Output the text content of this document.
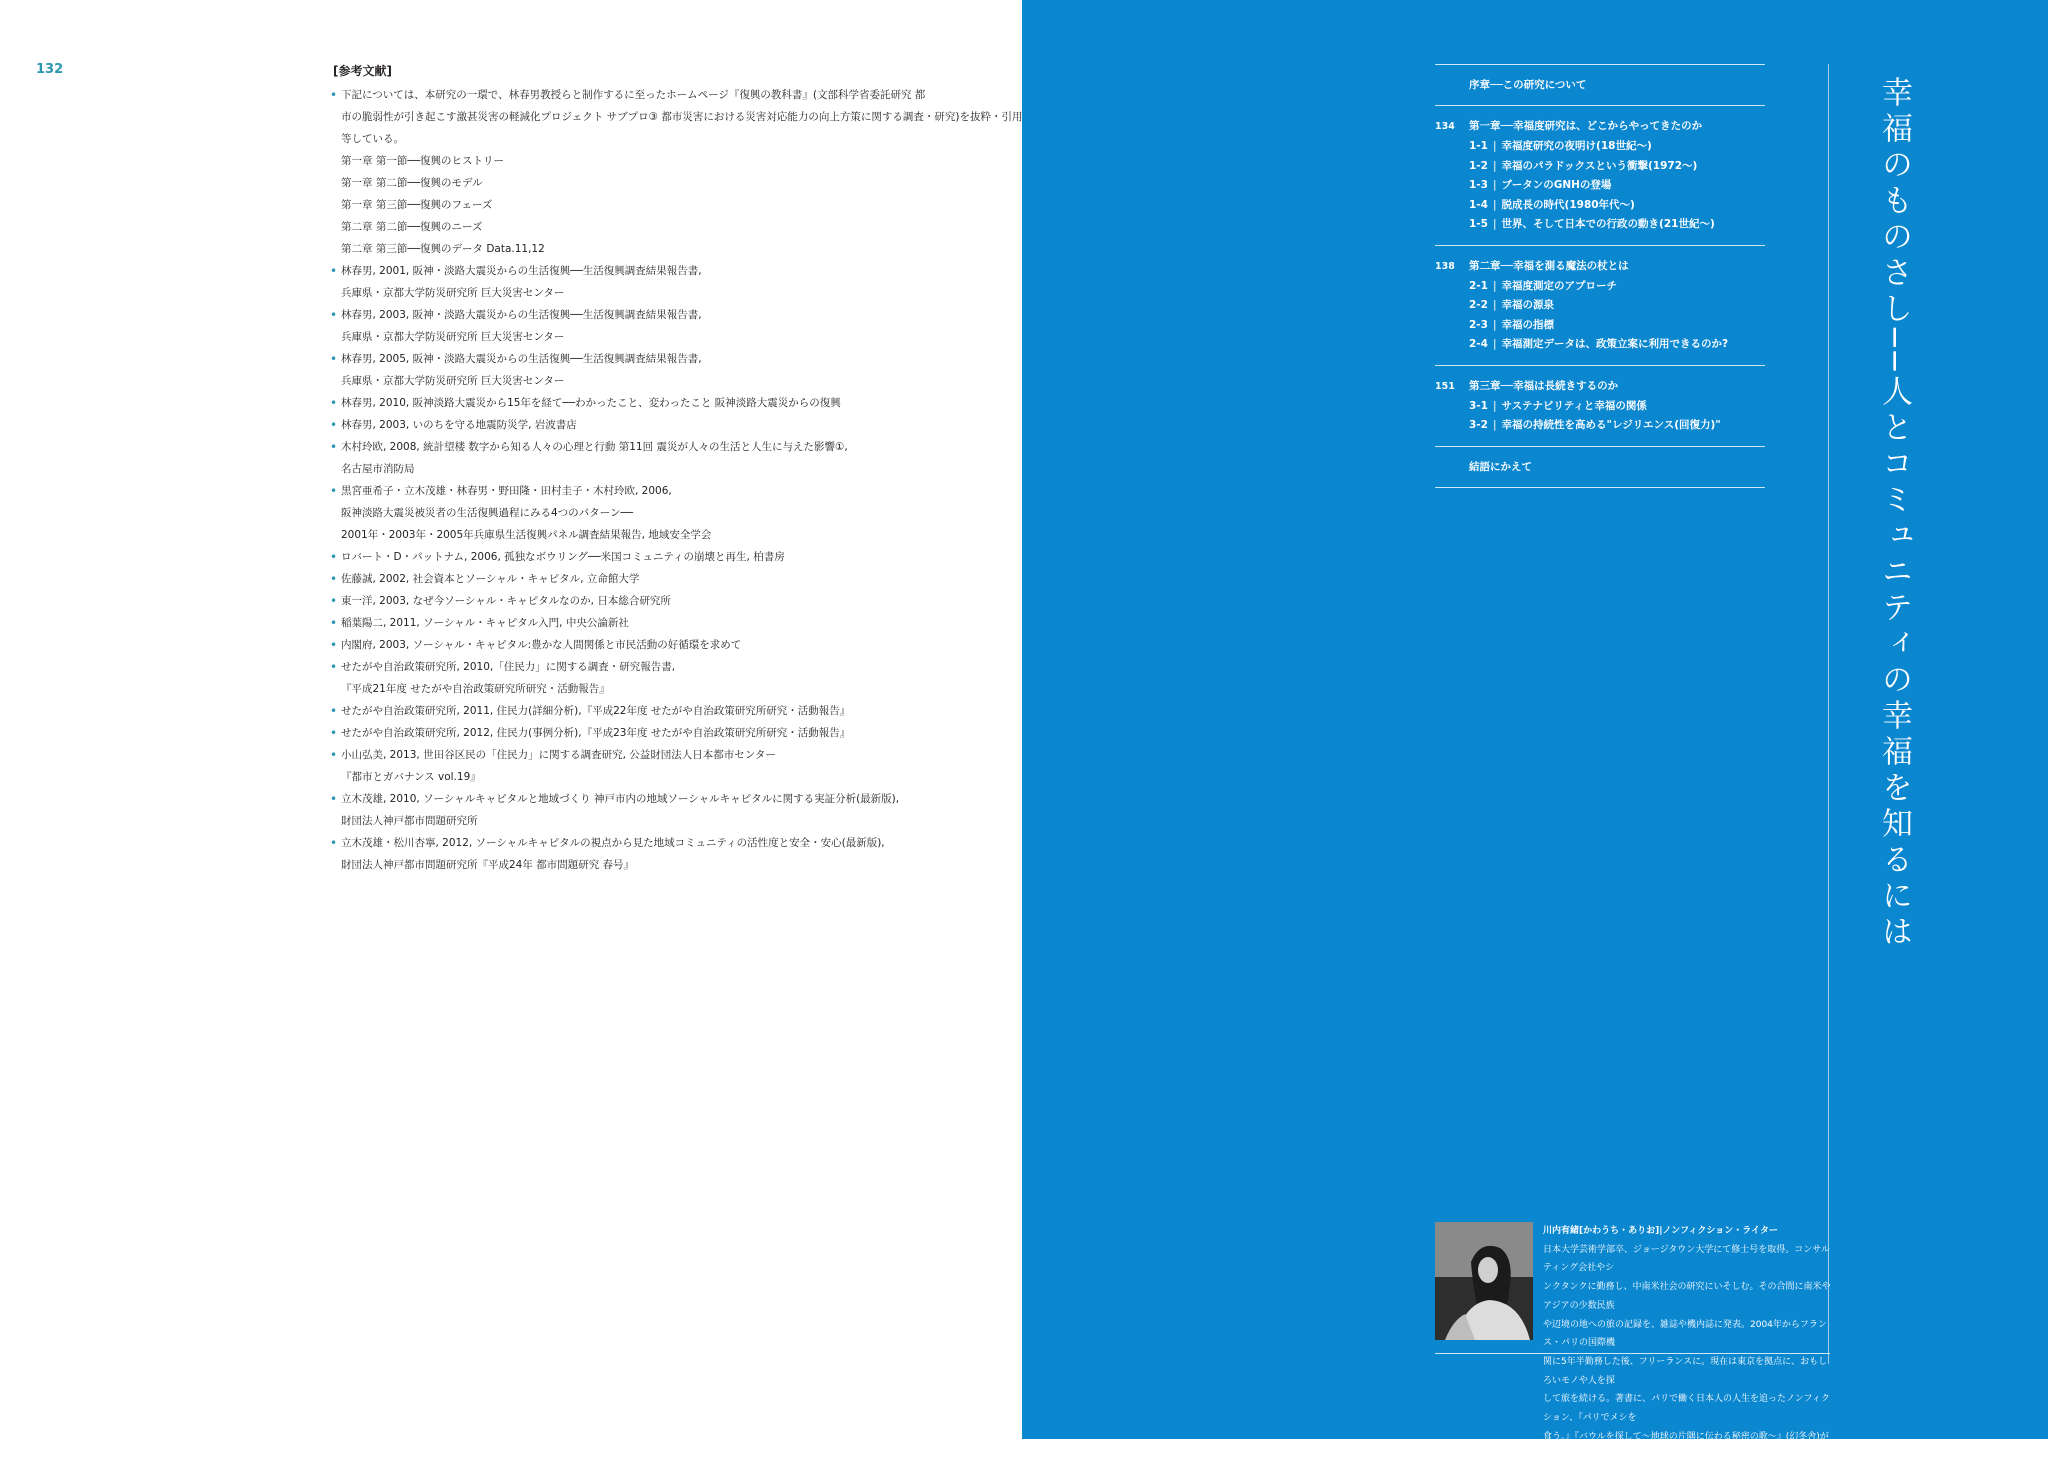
132	[参考文献]
• 下記については、本研究の一環で、林春男教授らと制作するに至ったホームページ『復興の教科書』(文部科学省委託研究 都
市の脆弱性が引き起こす激甚災害の軽減化プロジェクト サブプロ③ 都市災害における災害対応能力の向上方策に関する調査・研究)を抜粋・引用
等している。
第一章 第一節──復興のヒストリー
第一章 第二節──復興のモデル
第一章 第三節──復興のフェーズ
第二章 第二節──復興のニーズ
第二章 第三節──復興のデータ Data.11,12
• 林春男, 2001, 阪神・淡路大震災からの生活復興──生活復興調査結果報告書,
兵庫県・京都大学防災研究所 巨大災害センター
• 林春男, 2003, 阪神・淡路大震災からの生活復興──生活復興調査結果報告書,
兵庫県・京都大学防災研究所 巨大災害センター
• 林春男, 2005, 阪神・淡路大震災からの生活復興──生活復興調査結果報告書,
兵庫県・京都大学防災研究所 巨大災害センター
• 林春男, 2010, 阪神淡路大震災から15年を経て──わかったこと、変わったこと 阪神淡路大震災からの復興
• 林春男, 2003, いのちを守る地震防災学, 岩波書店
• 木村玲欧, 2008, 統計望楼 数字から知る人々の心理と行動 第11回 震災が人々の生活と人生に与えた影響①,
名古屋市消防局
• 黒宮亜希子・立木茂雄・林春男・野田隆・田村圭子・木村玲欧, 2006,
阪神淡路大震災被災者の生活復興過程にみる4つのパターン──
2001年・2003年・2005年兵庫県生活復興パネル調査結果報告, 地域安全学会
• ロバート・D・パットナム, 2006, 孤独なボウリング──米国コミュニティの崩壊と再生, 柏書房
• 佐藤誠, 2002, 社会資本とソーシャル・キャピタル, 立命館大学
• 東一洋, 2003, なぜ今ソーシャル・キャピタルなのか, 日本総合研究所
• 稲葉陽二, 2011, ソーシャル・キャピタル入門, 中央公論新社
• 内閣府, 2003, ソーシャル・キャピタル:豊かな人間関係と市民活動の好循環を求めて
• せたがや自治政策研究所, 2010,「住民力」に関する調査・研究報告書,
『平成21年度 せたがや自治政策研究所研究・活動報告』
• せたがや自治政策研究所, 2011, 住民力(詳細分析),『平成22年度 せたがや自治政策研究所研究・活動報告』
• せたがや自治政策研究所, 2012, 住民力(事例分析),『平成23年度 せたがや自治政策研究所研究・活動報告』
• 小山弘美, 2013, 世田谷区民の「住民力」に関する調査研究, 公益財団法人日本都市センター
『都市とガバナンス vol.19』
• 立木茂雄, 2010, ソーシャルキャピタルと地域づくり 神戸市内の地域ソーシャルキャピタルに関する実証分析(最新版),
財団法人神戸都市問題研究所
• 立木茂雄・松川杏寧, 2012, ソーシャルキャピタルの視点から見た地域コミュニティの活性度と安全・安心(最新版),
財団法人神戸都市問題研究所『平成24年 都市問題研究 春号』	幸福のものさし──人とコミュニティの幸福を知るには
序章──この研究について
134	第一章──幸福度研究は、どこからやってきたのか
1-1 | 幸福度研究の夜明け(18世紀〜)
1-2 | 幸福のパラドックスという衝撃(1972〜)
1-3 | ブータンのGNHの登場
1-4 | 脱成長の時代(1980年代〜)
1-5 | 世界、そして日本での行政の動き(21世紀〜)
138	第二章──幸福を測る魔法の杖とは
2-1 | 幸福度測定のアプローチ
2-2 | 幸福の源泉
2-3 | 幸福の指標
2-4 | 幸福測定データは、政策立案に利用できるのか?
151	第三章──幸福は長続きするのか
3-1 | サステナビリティと幸福の関係
3-2 | 幸福の持続性を高める"レジリエンス(回復力)"
結語にかえて
川内有緒[かわうち・ありお]|ノンフィクション・ライター
日本大学芸術学部卒、ジョージタウン大学にて修士号を取得。コンサルティング会社やシ
ンクタンクに勤務し、中南米社会の研究にいそしむ。その合間に南米やアジアの少数民族
や辺境の地への旅の記録を、雑誌や機内誌に発表。2004年からフランス・パリの国際機
関に5年半勤務した後、フリーランスに。現在は東京を拠点に、おもしろいモノや人を探
して旅を続ける。著書に、パリで働く日本人の人生を追ったノンフィクション、『パリでメシを
食う。』『バウルを探して〜地球の片隅に伝わる秘密の歌〜』(幻冬舎)がある。
